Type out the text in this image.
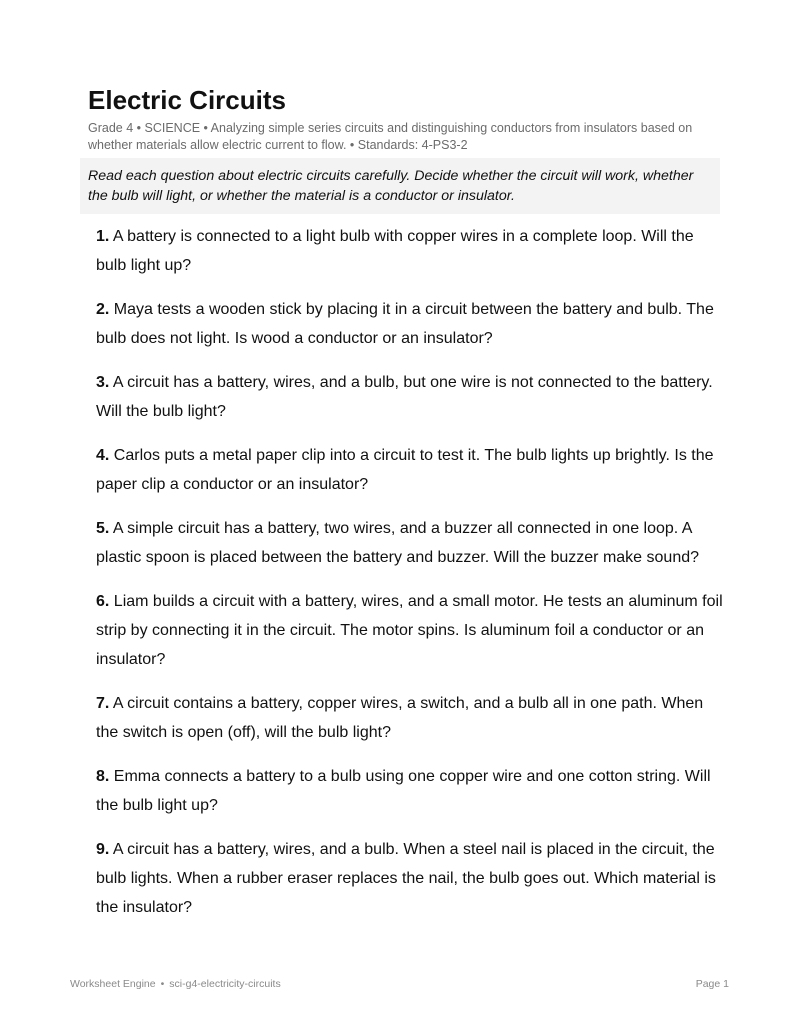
Electric Circuits

Grade 4 • SCIENCE • Analyzing simple series circuits and distinguishing conductors from insulators based on whether materials allow electric current to flow. • Standards: 4-PS3-2

Read each question about electric circuits carefully. Decide whether the circuit will work, whether the bulb will light, or whether the material is a conductor or insulator.
1. A battery is connected to a light bulb with copper wires in a complete loop. Will the bulb light up?
2. Maya tests a wooden stick by placing it in a circuit between the battery and bulb. The bulb does not light. Is wood a conductor or an insulator?
3. A circuit has a battery, wires, and a bulb, but one wire is not connected to the battery. Will the bulb light?
4. Carlos puts a metal paper clip into a circuit to test it. The bulb lights up brightly. Is the paper clip a conductor or an insulator?
5. A simple circuit has a battery, two wires, and a buzzer all connected in one loop. A plastic spoon is placed between the battery and buzzer. Will the buzzer make sound?
6. Liam builds a circuit with a battery, wires, and a small motor. He tests an aluminum foil strip by connecting it in the circuit. The motor spins. Is aluminum foil a conductor or an insulator?
7. A circuit contains a battery, copper wires, a switch, and a bulb all in one path. When the switch is open (off), will the bulb light?
8. Emma connects a battery to a bulb using one copper wire and one cotton string. Will the bulb light up?
9. A circuit has a battery, wires, and a bulb. When a steel nail is placed in the circuit, the bulb lights. When a rubber eraser replaces the nail, the bulb goes out. Which material is the insulator?
Worksheet Engine • sci-g4-electricity-circuits	Page 1
